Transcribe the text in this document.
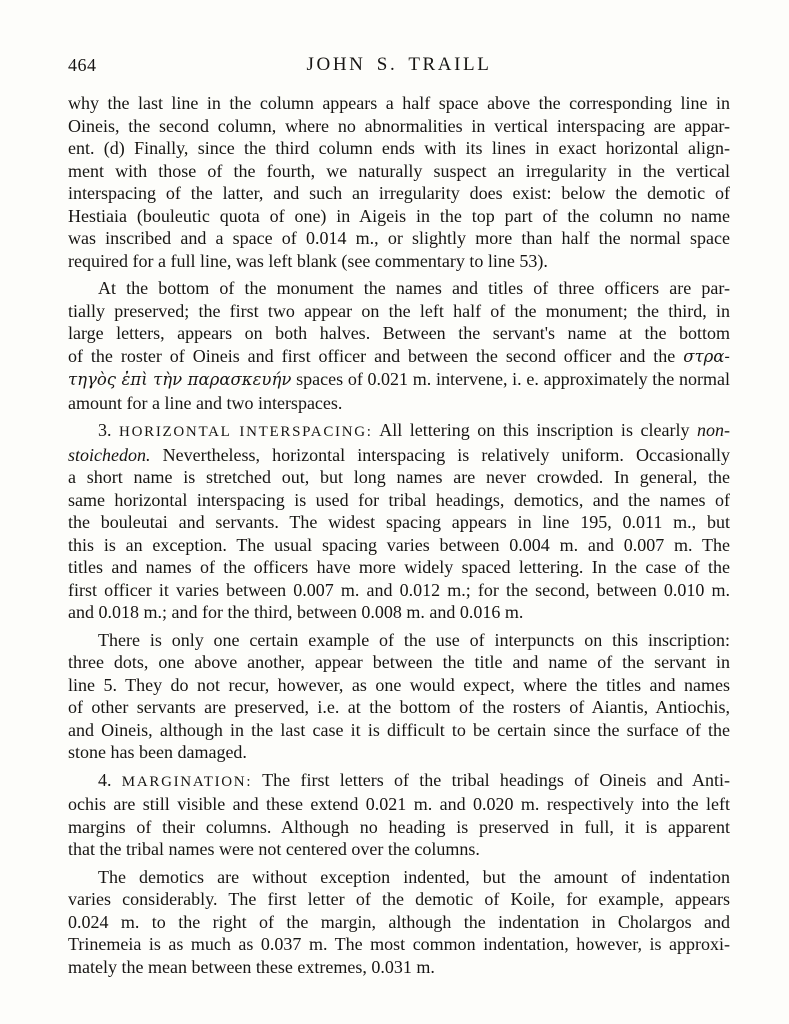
464	JOHN S. TRAILL
why the last line in the column appears a half space above the corresponding line in
Oineis, the second column, where no abnormalities in vertical interspacing are appar-
ent. (d) Finally, since the third column ends with its lines in exact horizontal align-
ment with those of the fourth, we naturally suspect an irregularity in the vertical
interspacing of the latter, and such an irregularity does exist: below the demotic of
Hestiaia (bouleutic quota of one) in Aigeis in the top part of the column no name
was inscribed and a space of 0.014 m., or slightly more than half the normal space
required for a full line, was left blank (see commentary to line 53).
At the bottom of the monument the names and titles of three officers are par-
tially preserved; the first two appear on the left half of the monument; the third, in
large letters, appears on both halves. Between the servant's name at the bottom
of the roster of Oineis and first officer and between the second officer and the στρα-
τηγὸς ἐπὶ τὴν παρασκευήν spaces of 0.021 m. intervene, i. e. approximately the normal
amount for a line and two interspaces.
3. HORIZONTAL INTERSPACING: All lettering on this inscription is clearly non-
stoichedon. Nevertheless, horizontal interspacing is relatively uniform. Occasionally
a short name is stretched out, but long names are never crowded. In general, the
same horizontal interspacing is used for tribal headings, demotics, and the names of
the bouleutai and servants. The widest spacing appears in line 195, 0.011 m., but
this is an exception. The usual spacing varies between 0.004 m. and 0.007 m. The
titles and names of the officers have more widely spaced lettering. In the case of the
first officer it varies between 0.007 m. and 0.012 m.; for the second, between 0.010 m.
and 0.018 m.; and for the third, between 0.008 m. and 0.016 m.
There is only one certain example of the use of interpuncts on this inscription:
three dots, one above another, appear between the title and name of the servant in
line 5. They do not recur, however, as one would expect, where the titles and names
of other servants are preserved, i.e. at the bottom of the rosters of Aiantis, Antiochis,
and Oineis, although in the last case it is difficult to be certain since the surface of the
stone has been damaged.
4. MARGINATION: The first letters of the tribal headings of Oineis and Anti-
ochis are still visible and these extend 0.021 m. and 0.020 m. respectively into the left
margins of their columns. Although no heading is preserved in full, it is apparent
that the tribal names were not centered over the columns.
The demotics are without exception indented, but the amount of indentation
varies considerably. The first letter of the demotic of Koile, for example, appears
0.024 m. to the right of the margin, although the indentation in Cholargos and
Trinemeia is as much as 0.037 m. The most common indentation, however, is approxi-
mately the mean between these extremes, 0.031 m.
